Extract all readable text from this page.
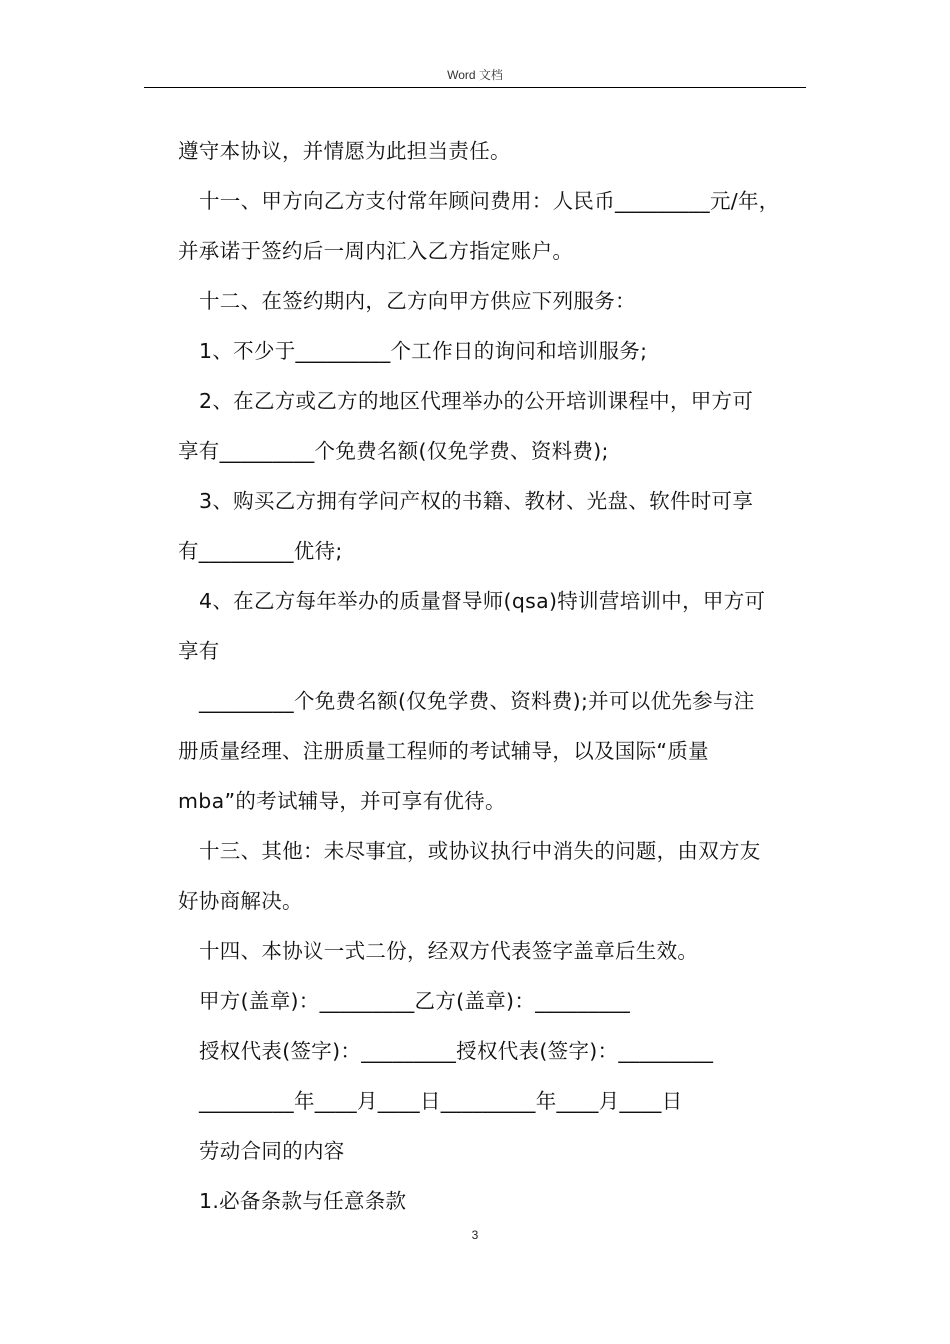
Word 文档
遵守本协议，并情愿为此担当责任。
十一、甲方向乙方支付常年顾问费用：人民币_________元/年，
并承诺于签约后一周内汇入乙方指定账户。
十二、在签约期内，乙方向甲方供应下列服务：
1、不少于_________个工作日的询问和培训服务;
2、在乙方或乙方的地区代理举办的公开培训课程中，甲方可
享有_________个免费名额(仅免学费、资料费);
3、购买乙方拥有学问产权的书籍、教材、光盘、软件时可享
有_________优待;
4、在乙方每年举办的质量督导师(qsa)特训营培训中，甲方可
享有
_________个免费名额(仅免学费、资料费);并可以优先参与注
册质量经理、注册质量工程师的考试辅导，以及国际“质量
mba”的考试辅导，并可享有优待。
十三、其他：未尽事宜，或协议执行中消失的问题，由双方友
好协商解决。
十四、本协议一式二份，经双方代表签字盖章后生效。
甲方(盖章)：_________乙方(盖章)：_________
授权代表(签字)：_________授权代表(签字)：_________
_________年____月____日_________年____月____日
劳动合同的内容
1.必备条款与任意条款
3
